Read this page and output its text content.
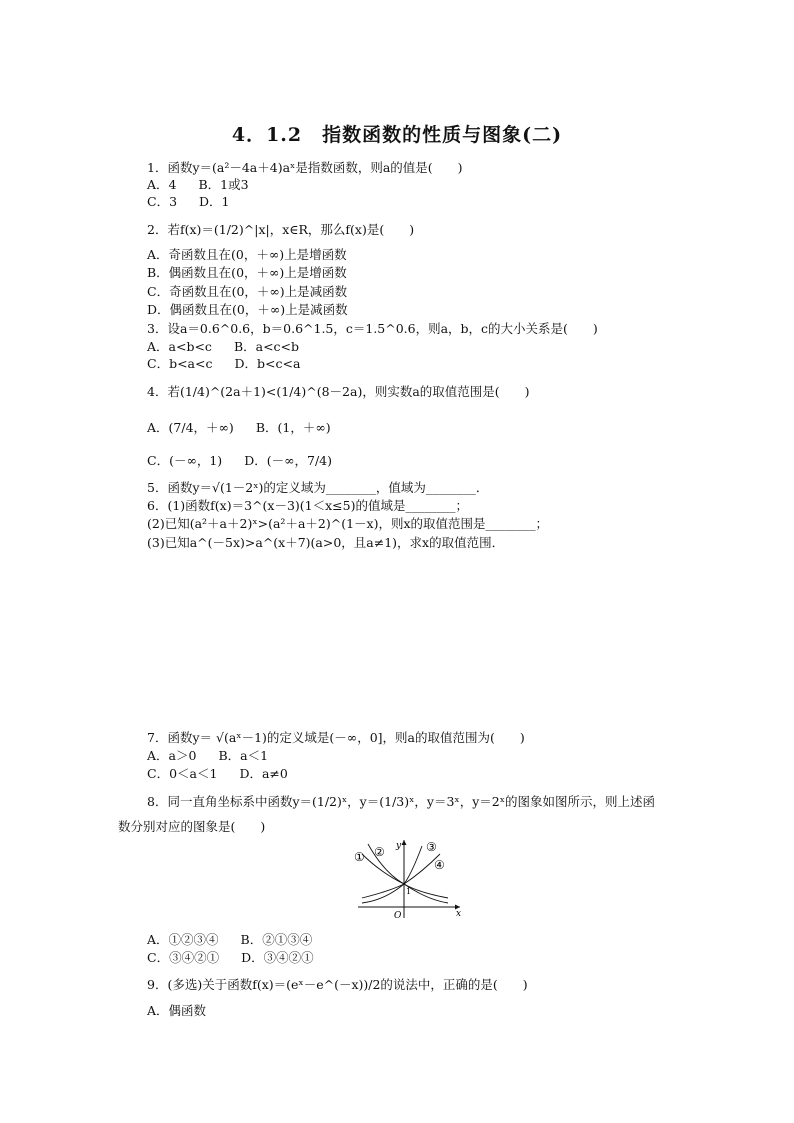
4．1.2　指数函数的性质与图象(二)
1．函数y＝(a²－4a＋4)aˣ是指数函数，则a的值是(　　)
A．4 B．1或3
C．3 D．1
2．若f(x)＝(1/2)^|x|，x∈R，那么f(x)是(　　)
A．奇函数且在(0，＋∞)上是增函数
B．偶函数且在(0，＋∞)上是增函数
C．奇函数且在(0，＋∞)上是减函数
D．偶函数且在(0，＋∞)上是减函数
3．设a＝0.6^0.6，b＝0.6^1.5，c＝1.5^0.6，则a，b，c的大小关系是(　　)
A．a<b<c B．a<c<b
C．b<a<c D．b<c<a
4．若(1/4)^(2a＋1)<(1/4)^(8－2a)，则实数a的取值范围是(　　)
A．(7/4，＋∞) B．(1，＋∞)
C．(－∞，1) D．(－∞，7/4)
5．函数y＝√(1－2ˣ)的定义域为________，值域为________．
6．(1)函数f(x)＝3^(x－3)(1＜x≤5)的值域是________；
(2)已知(a²＋a＋2)ˣ>(a²＋a＋2)^(1－x)，则x的取值范围是________；
(3)已知a^(－5x)>a^(x＋7)(a>0，且a≠1)，求x的取值范围．
7．函数y＝ √(aˣ－1)的定义域是(－∞，0]，则a的取值范围为(　　)
A．a＞0 B．a＜1
C．0＜a＜1 D．a≠0
8．同一直角坐标系中函数y＝(1/2)ˣ，y＝(1/3)ˣ，y＝3ˣ，y＝2ˣ的图象如图所示，则上述函
数分别对应的图象是(　　)
① ②	③
④
y
x
O
1
A．①②③④ B．②①③④
C．③④②① D．③④②①
9．(多选)关于函数f(x)＝(eˣ－e^(－x))/2的说法中，正确的是(　　)
A．偶函数
